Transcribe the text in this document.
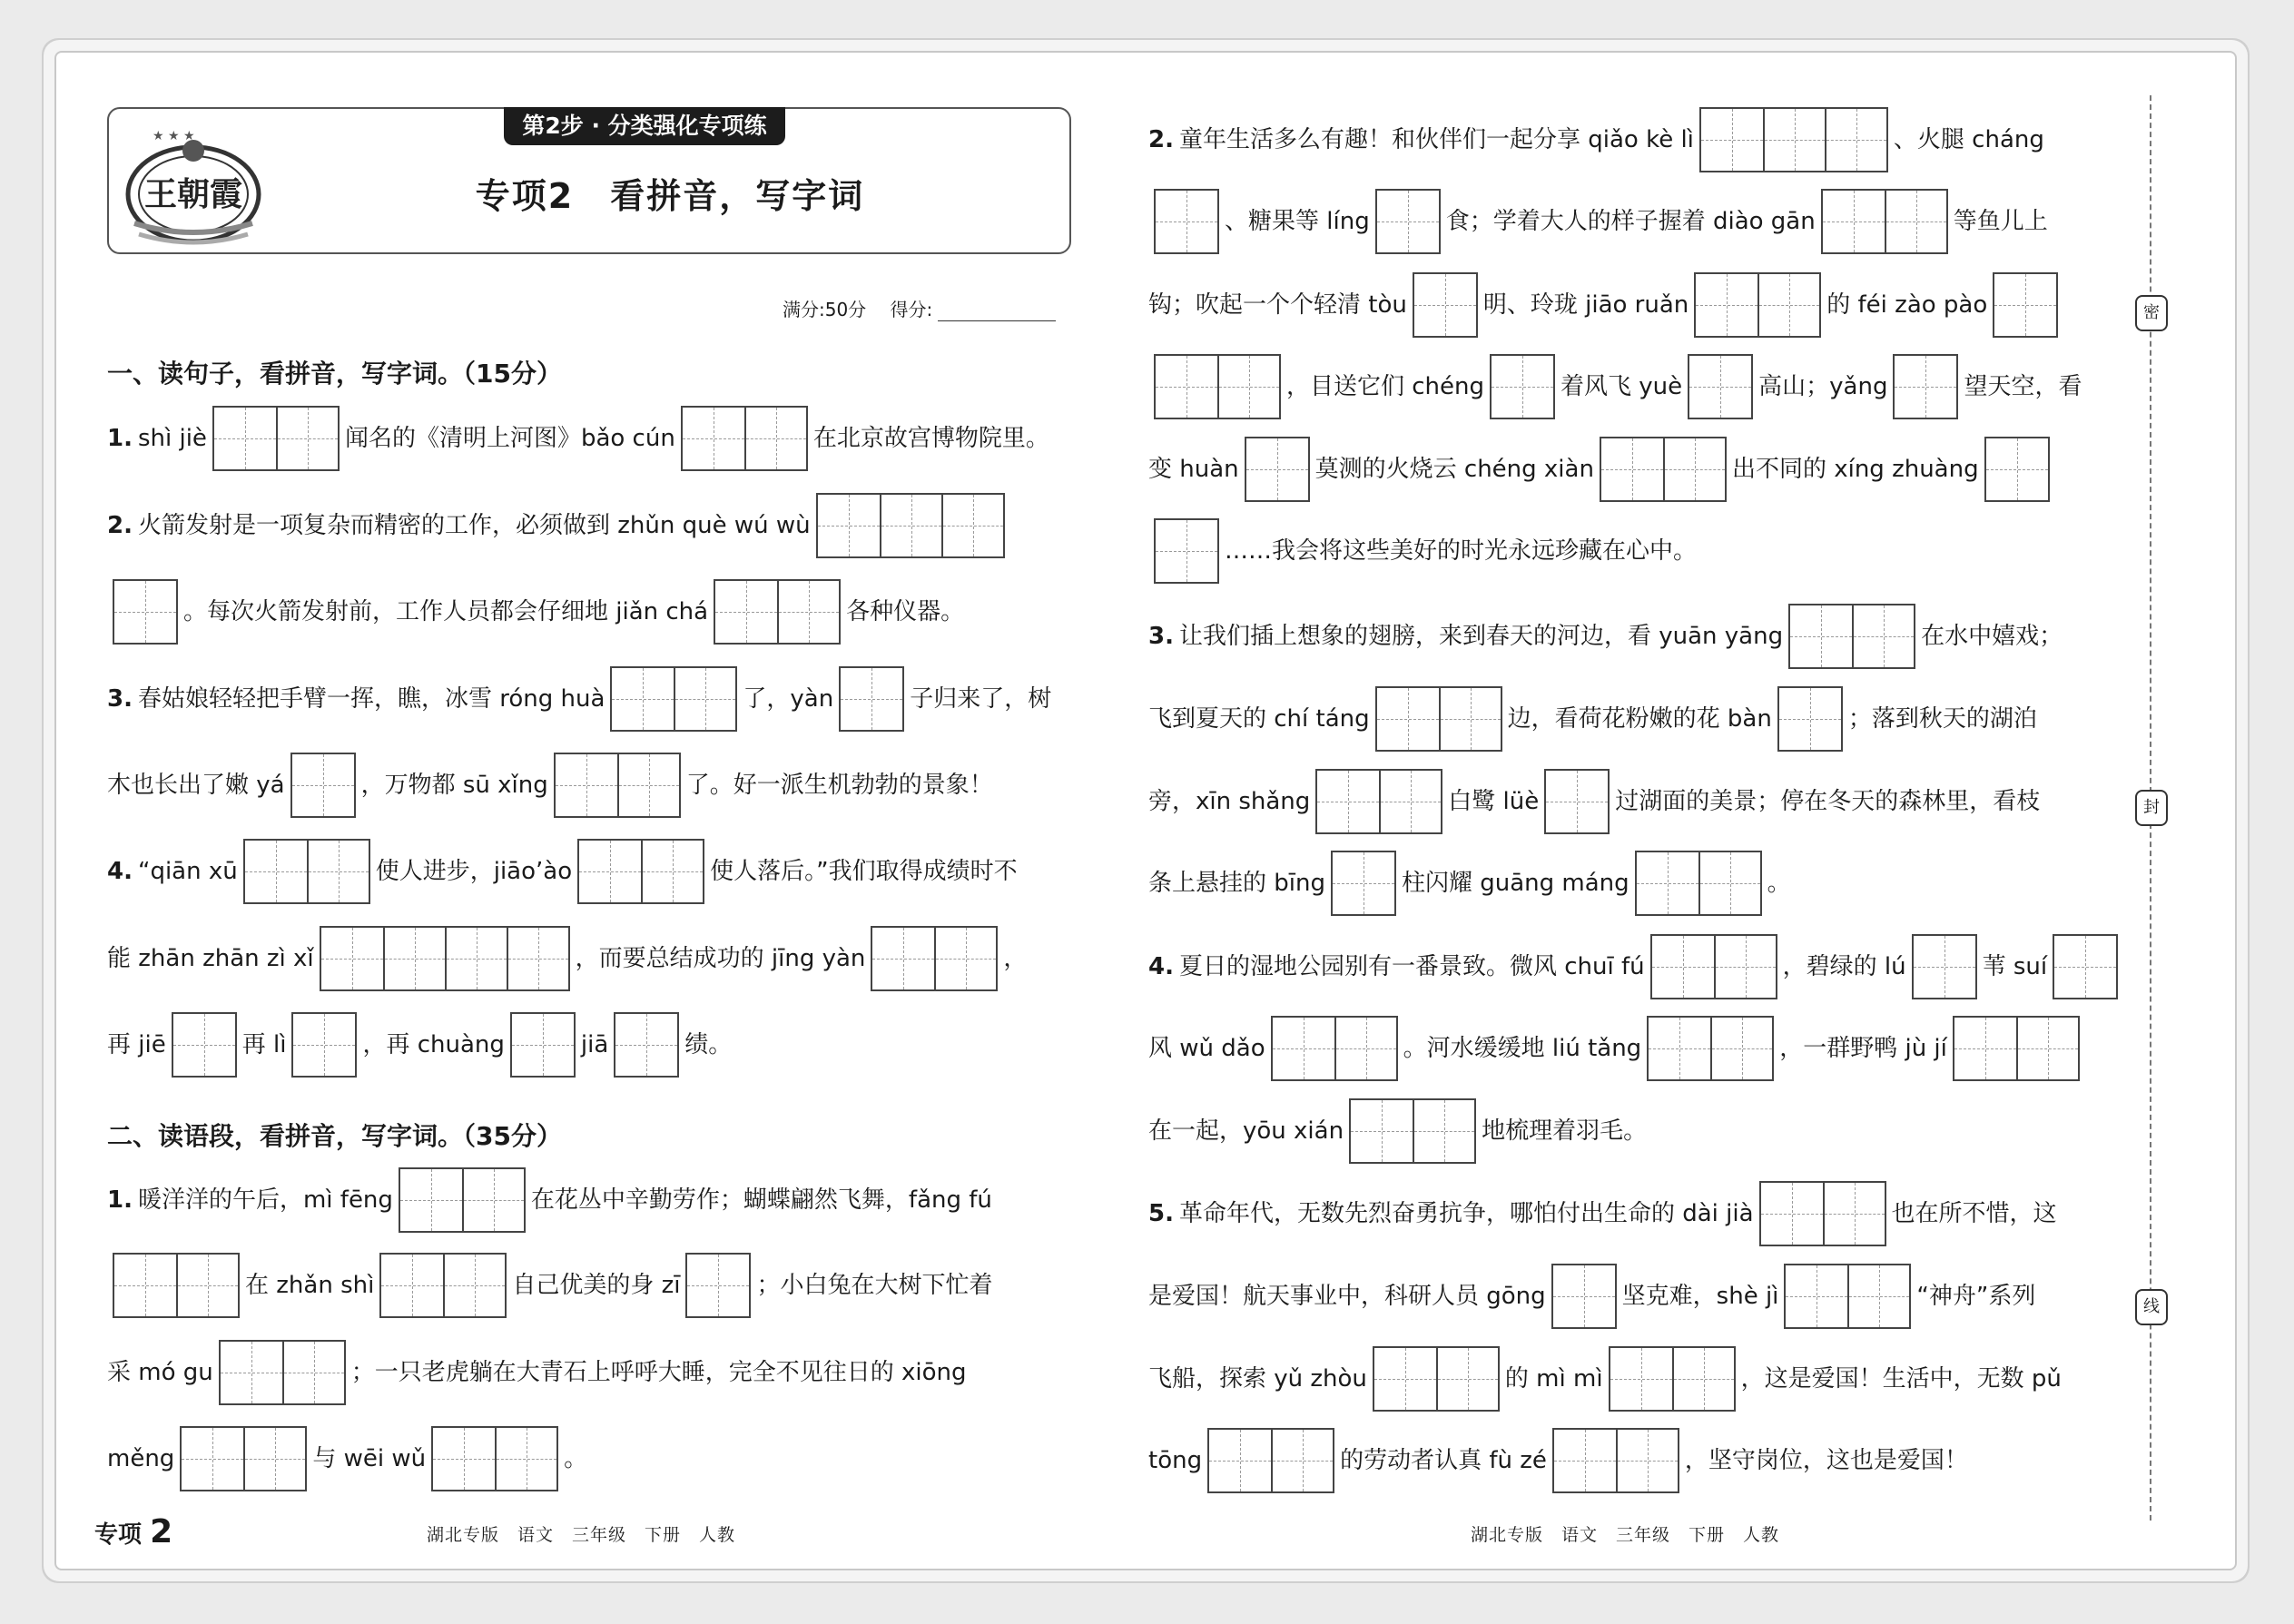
★ ★ ★
王朝霞
第2步 · 分类强化专项练
专项2　看拼音，写字词
满分:50分　 得分:
一、读句子，看拼音，写字词。（15分）
二、读语段，看拼音，写字词。（35分）
1. shì jiè	闻名的《清明上河图》bǎo cún	在北京故宫博物院里。
2. 火箭发射是一项复杂而精密的工作，必须做到 zhǔn què wú wù
。每次火箭发射前，工作人员都会仔细地 jiǎn chá	各种仪器。
3. 春姑娘轻轻把手臂一挥，瞧，冰雪 róng huà	了，yàn	子归来了，树
木也长出了嫩 yá	，万物都 sū xǐng	了。好一派生机勃勃的景象！
4. “qiān xū	使人进步，jiāo’ào	使人落后。”我们取得成绩时不
能 zhān zhān zì xǐ	，而要总结成功的 jīng yàn	，
再 jiē	再 lì	，再 chuàng	jiā	绩。
1. 暖洋洋的午后，mì fēng	在花丛中辛勤劳作；蝴蝶翩然飞舞，fǎng fú
在 zhǎn shì	自己优美的身 zī	；小白兔在大树下忙着
采 mó gu	；一只老虎躺在大青石上呼呼大睡，完全不见往日的 xiōng
měng	与 wēi wǔ	。
2. 童年生活多么有趣！和伙伴们一起分享 qiǎo kè lì	、火腿 cháng
、糖果等 líng	食；学着大人的样子握着 diào gān	等鱼儿上
钩；吹起一个个轻清 tòu	明、玲珑 jiāo ruǎn	的 féi zào pào
，目送它们 chéng	着风飞 yuè	高山；yǎng	望天空，看
变 huàn	莫测的火烧云 chéng xiàn	出不同的 xíng zhuàng
……我会将这些美好的时光永远珍藏在心中。
3. 让我们插上想象的翅膀，来到春天的河边，看 yuān yāng	在水中嬉戏；
飞到夏天的 chí táng	边，看荷花粉嫩的花 bàn	；落到秋天的湖泊
旁，xīn shǎng	白鹭 lüè	过湖面的美景；停在冬天的森林里，看枝
条上悬挂的 bīng	柱闪耀 guāng máng	。
4. 夏日的湿地公园别有一番景致。微风 chuī fú	，碧绿的 lú	苇 suí
风 wǔ dǎo	。河水缓缓地 liú tǎng	，一群野鸭 jù jí
在一起，yōu xián	地梳理着羽毛。
5. 革命年代，无数先烈奋勇抗争，哪怕付出生命的 dài jià	也在所不惜，这
是爱国！航天事业中，科研人员 gōng	坚克难，shè jì	“神舟”系列
飞船，探索 yǔ zhòu	的 mì mì	，这是爱国！生活中，无数 pǔ
tōng	的劳动者认真 fù zé	，坚守岗位，这也是爱国！
密
封
线
专项 2	湖北专版　语文　三年级　下册　人教	湖北专版　语文　三年级　下册　人教
